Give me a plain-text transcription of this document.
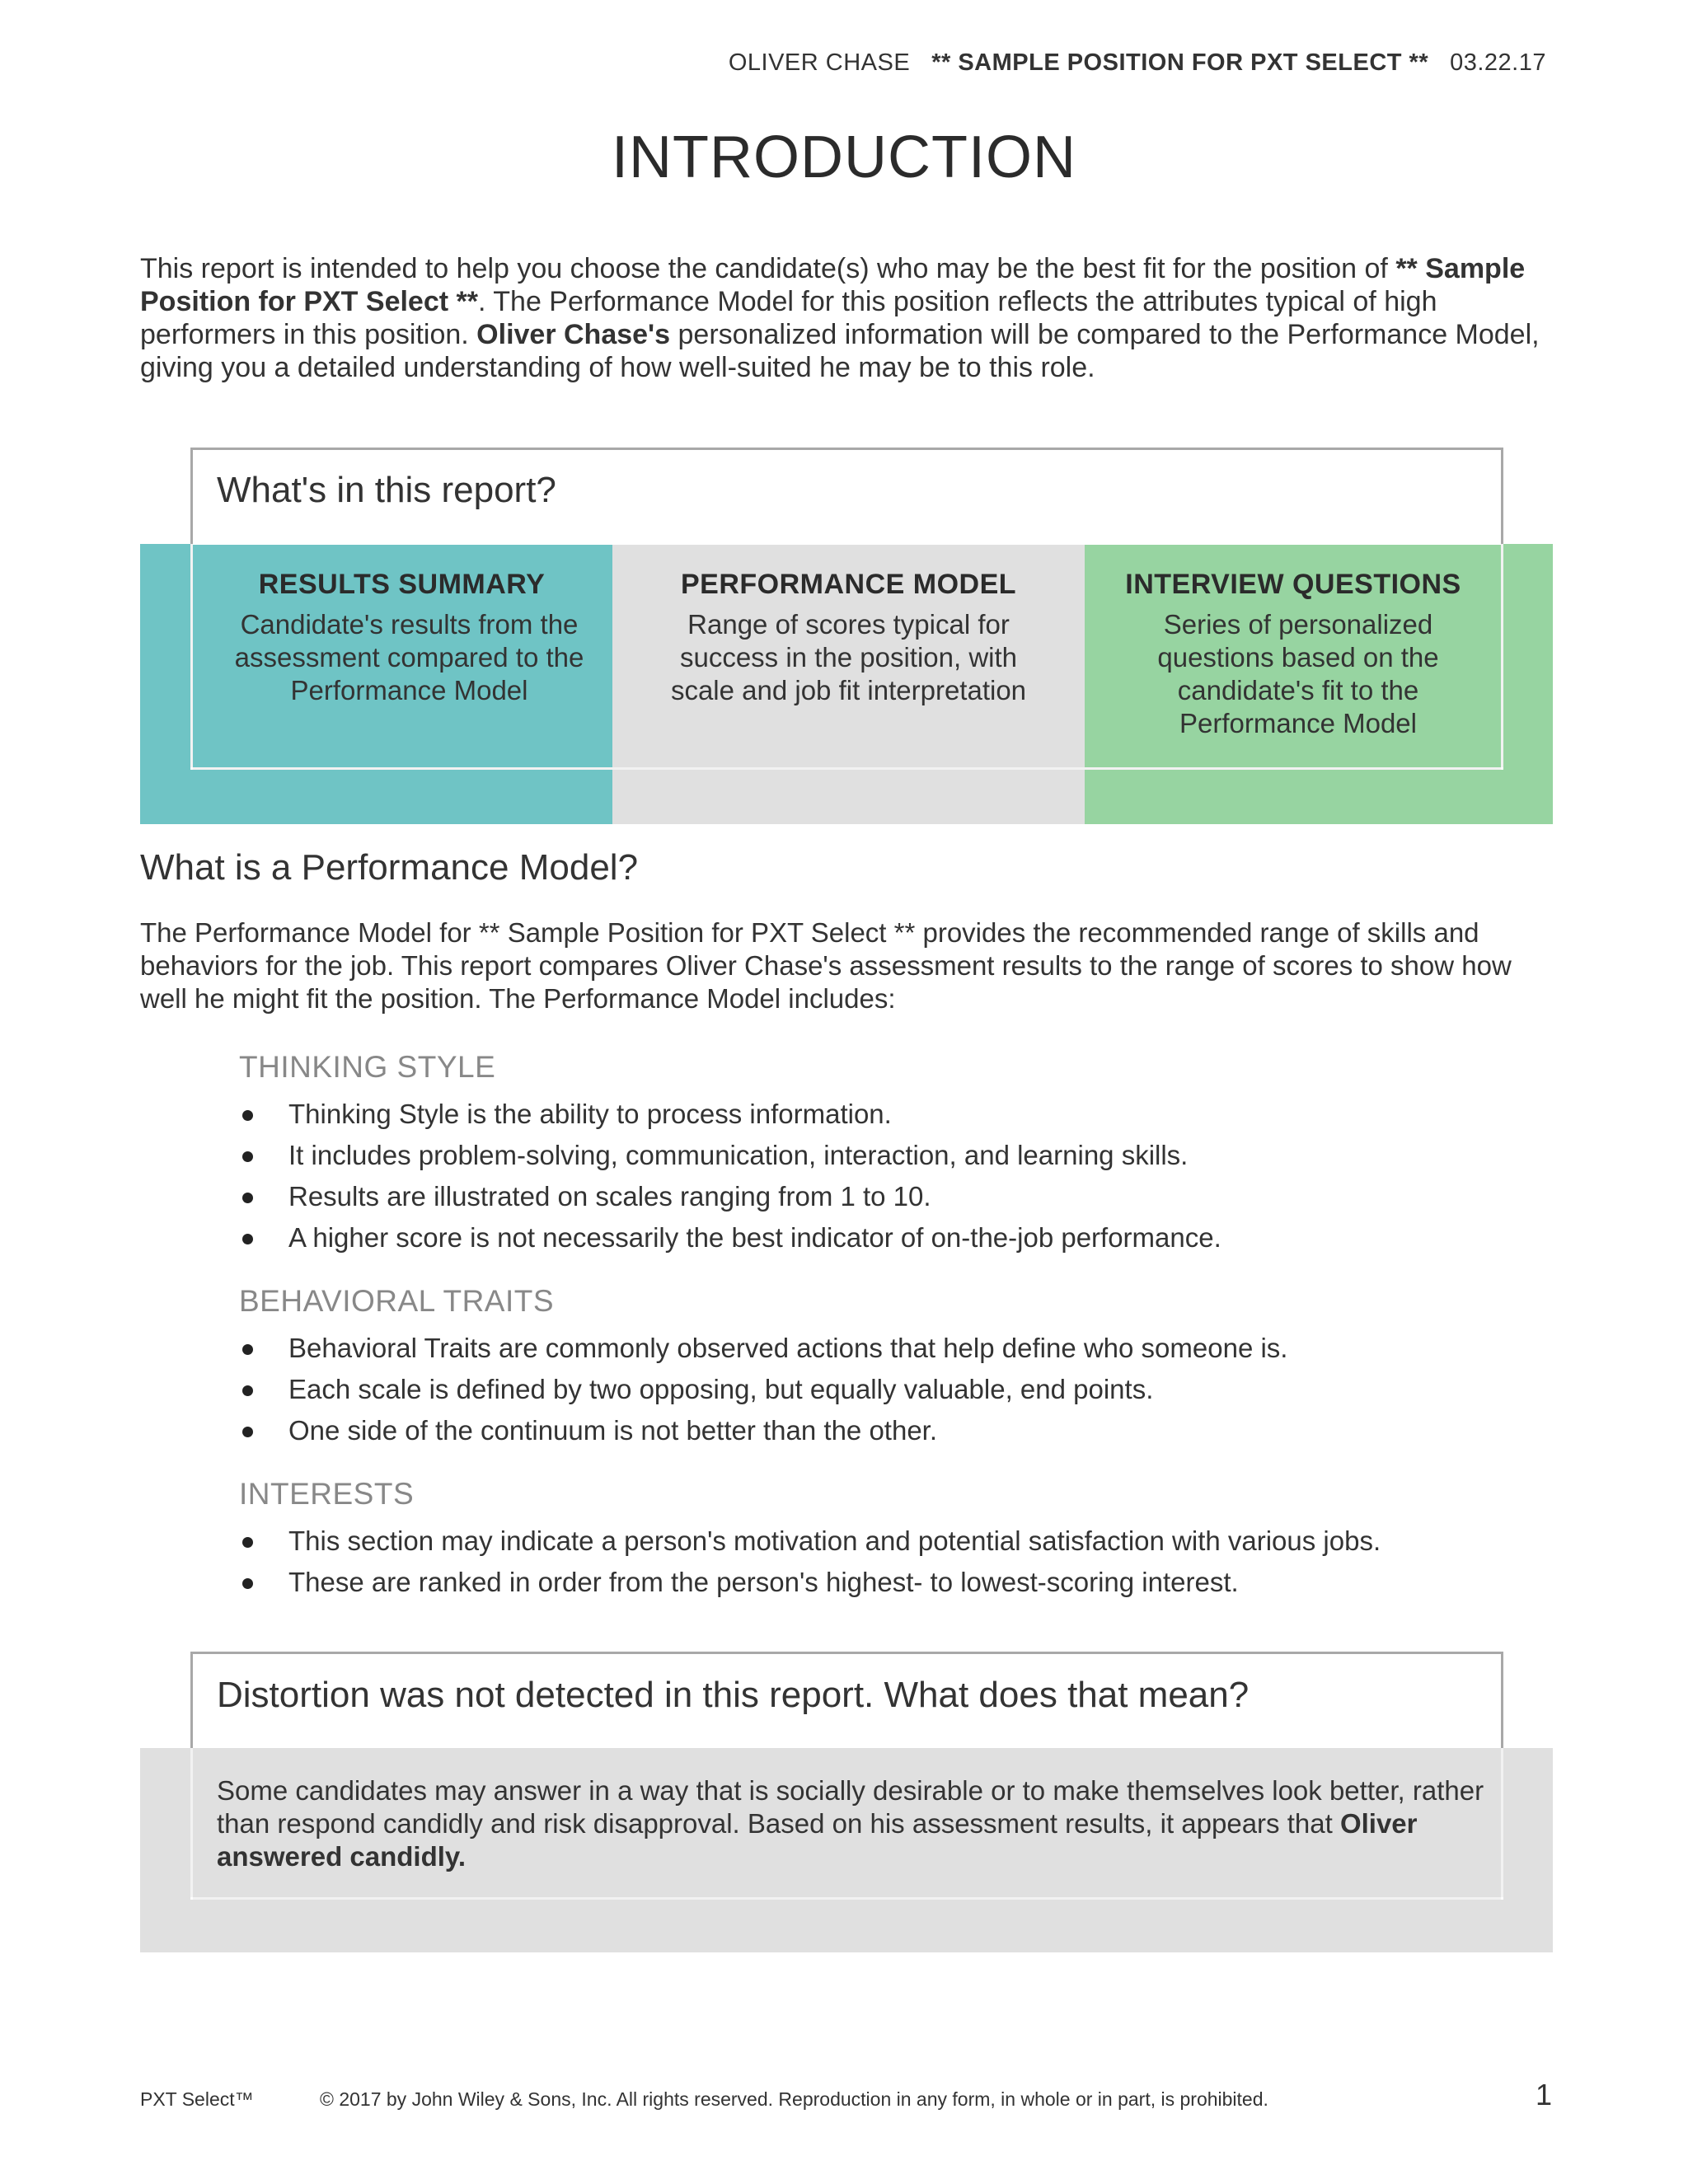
OLIVER CHASE ** SAMPLE POSITION FOR PXT SELECT ** 03.22.17
INTRODUCTION
This report is intended to help you choose the candidate(s) who may be the best fit for the position of ** Sample Position for PXT Select **. The Performance Model for this position reflects the attributes typical of high performers in this position. Oliver Chase's personalized information will be compared to the Performance Model, giving you a detailed understanding of how well-suited he may be to this role.
RESULTS SUMMARY
Candidate's results from the assessment compared to the Performance Model
PERFORMANCE MODEL
Range of scores typical for success in the position, with scale and job fit interpretation
INTERVIEW QUESTIONS
Series of personalized questions based on the candidate's fit to the Performance Model
What's in this report?
What is a Performance Model?
The Performance Model for ** Sample Position for PXT Select ** provides the recommended range of skills and behaviors for the job. This report compares Oliver Chase's assessment results to the range of scores to show how well he might fit the position. The Performance Model includes:
THINKING STYLE
Thinking Style is the ability to process information.
It includes problem-solving, communication, interaction, and learning skills.
Results are illustrated on scales ranging from 1 to 10.
A higher score is not necessarily the best indicator of on-the-job performance.
BEHAVIORAL TRAITS
Behavioral Traits are commonly observed actions that help define who someone is.
Each scale is defined by two opposing, but equally valuable, end points.
One side of the continuum is not better than the other.
INTERESTS
This section may indicate a person's motivation and potential satisfaction with various jobs.
These are ranked in order from the person's highest- to lowest-scoring interest.
Distortion was not detected in this report. What does that mean?
Some candidates may answer in a way that is socially desirable or to make themselves look better, rather than respond candidly and risk disapproval. Based on his assessment results, it appears that Oliver answered candidly.
PXT Select™	© 2017 by John Wiley & Sons, Inc. All rights reserved. Reproduction in any form, in whole or in part, is prohibited.	1
